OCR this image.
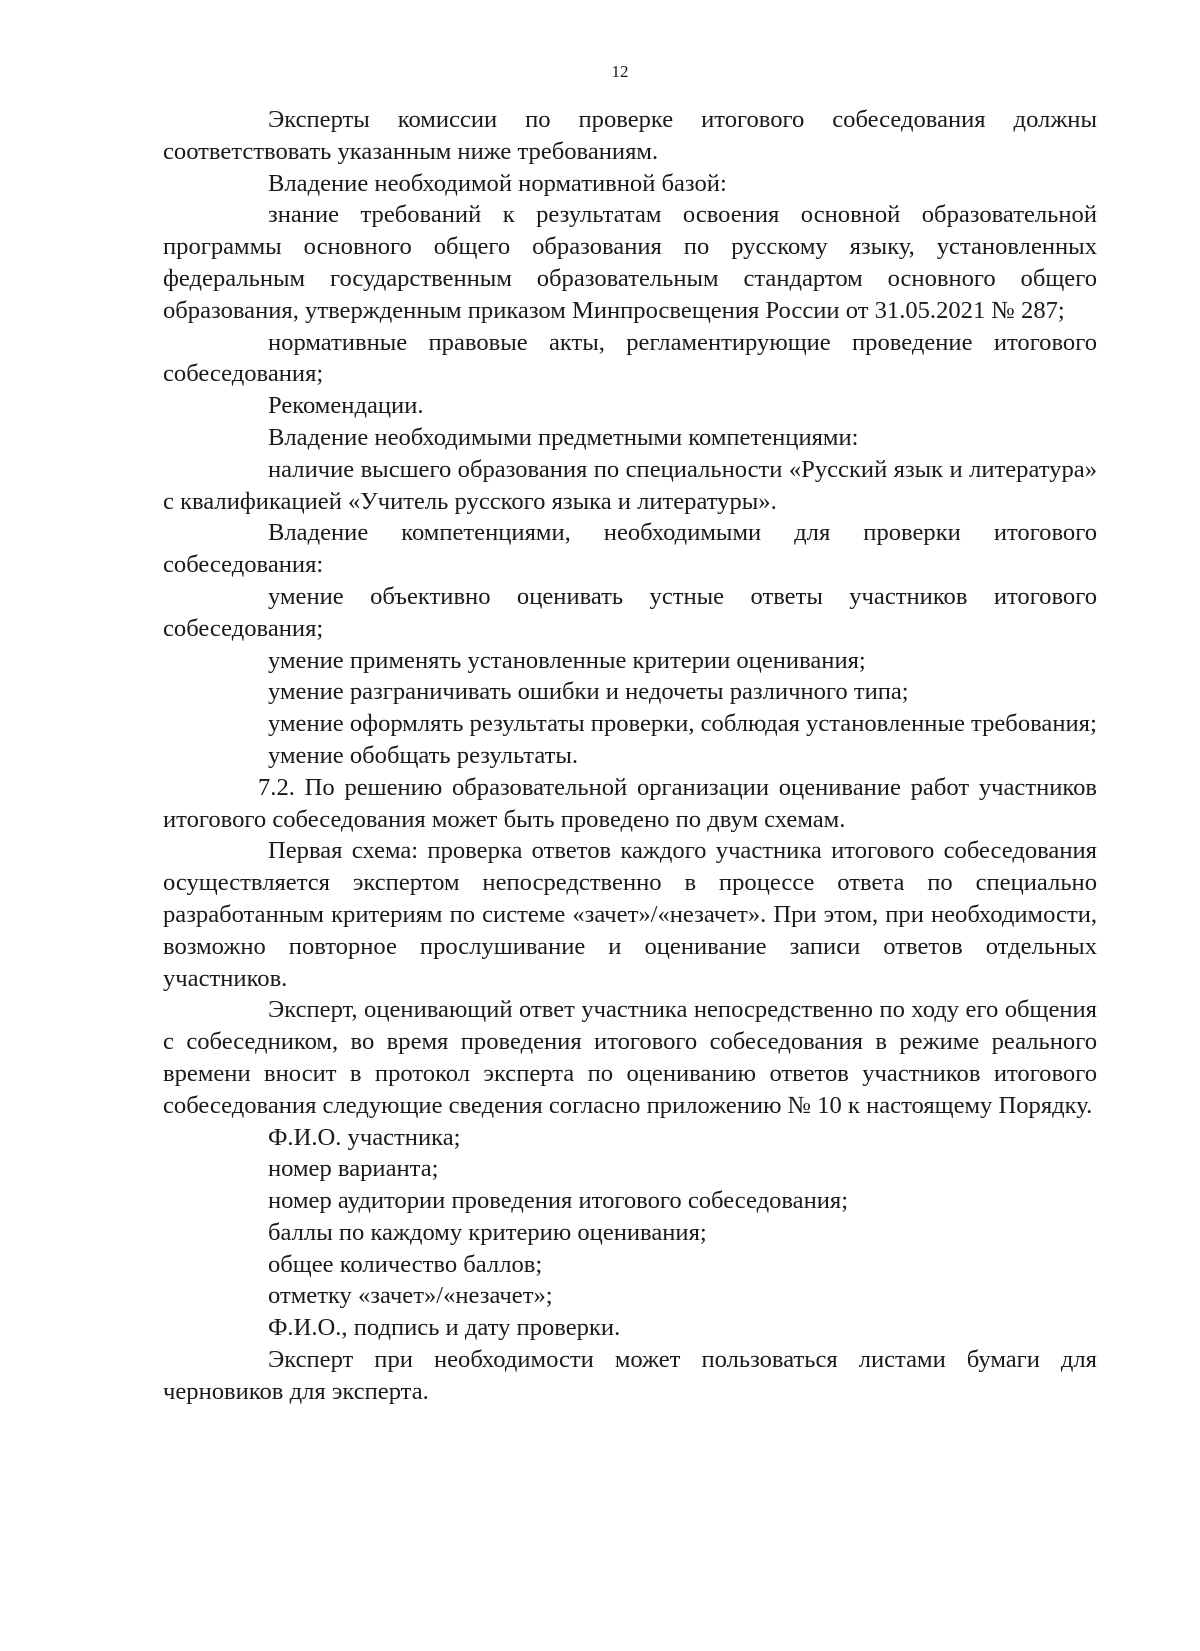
12

Эксперты комиссии по проверке итогового собеседования должны соответствовать указанным ниже требованиям.

Владение необходимой нормативной базой:

знание требований к результатам освоения основной образовательной программы основного общего образования по русскому языку, установленных федеральным государственным образовательным стандартом основного общего образования, утвержденным приказом Минпросвещения России от 31.05.2021 № 287;

нормативные правовые акты, регламентирующие проведение итогового собеседования;

Рекомендации.

Владение необходимыми предметными компетенциями:

наличие высшего образования по специальности «Русский язык и литература» с квалификацией «Учитель русского языка и литературы».

Владение компетенциями, необходимыми для проверки итогового собеседования:

умение объективно оценивать устные ответы участников итогового собеседования;

умение применять установленные критерии оценивания;

умение разграничивать ошибки и недочеты различного типа;

умение оформлять результаты проверки, соблюдая установленные требования;

умение обобщать результаты.

7.2. По решению образовательной организации оценивание работ участников итогового собеседования может быть проведено по двум схемам.

Первая схема: проверка ответов каждого участника итогового собеседования осуществляется экспертом непосредственно в процессе ответа по специально разработанным критериям по системе «зачет»/«незачет». При этом, при необходимости, возможно повторное прослушивание и оценивание записи ответов отдельных участников.

Эксперт, оценивающий ответ участника непосредственно по ходу его общения с собеседником, во время проведения итогового собеседования в режиме реального времени вносит в протокол эксперта по оцениванию ответов участников итогового собеседования следующие сведения согласно приложению № 10 к настоящему Порядку.

Ф.И.О. участника;

номер варианта;

номер аудитории проведения итогового собеседования;

баллы по каждому критерию оценивания;

общее количество баллов;

отметку «зачет»/«незачет»;

Ф.И.О., подпись и дату проверки.

Эксперт при необходимости может пользоваться листами бумаги для черновиков для эксперта.
